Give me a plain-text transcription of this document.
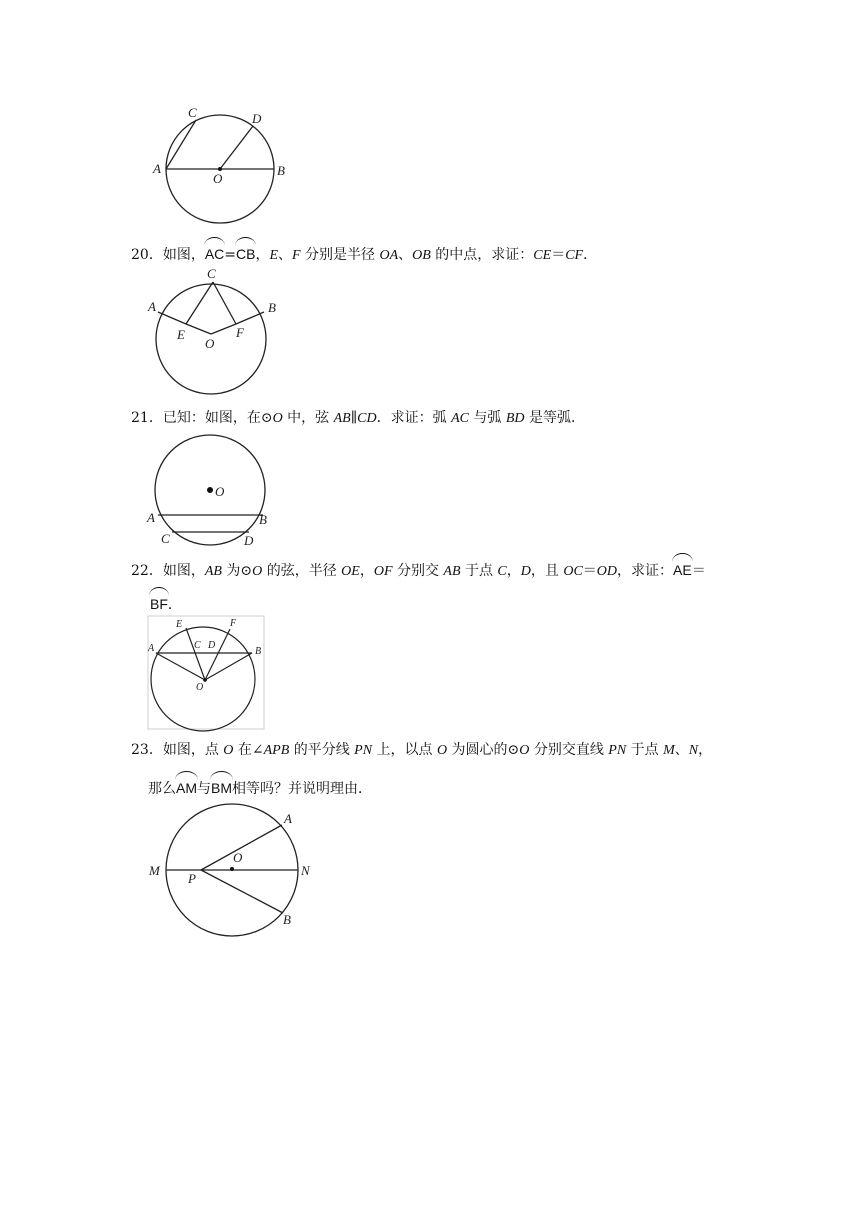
A	B
C	D
O
20．如图，AC=CB，E、F 分别是半径 OA、OB 的中点，求证：CE＝CF．
A	B
C
E	F
O
21．已知：如图，在⊙O 中，弦 AB∥CD．求证：弧 AC 与弧 BD 是等弧．
O
A	B
C	D
22．如图，AB 为⊙O 的弦，半径 OE，OF 分别交 AB 于点 C，D，且 OC＝OD，求证：AE＝
BF．
A	B
E	F
C D
O
23．如图，点 O 在∠APB 的平分线 PN 上，以点 O 为圆心的⊙O 分别交直线 PN 于点 M、N，
那么AM与BM相等吗？并说明理由．
M	N
P
O
A
B
